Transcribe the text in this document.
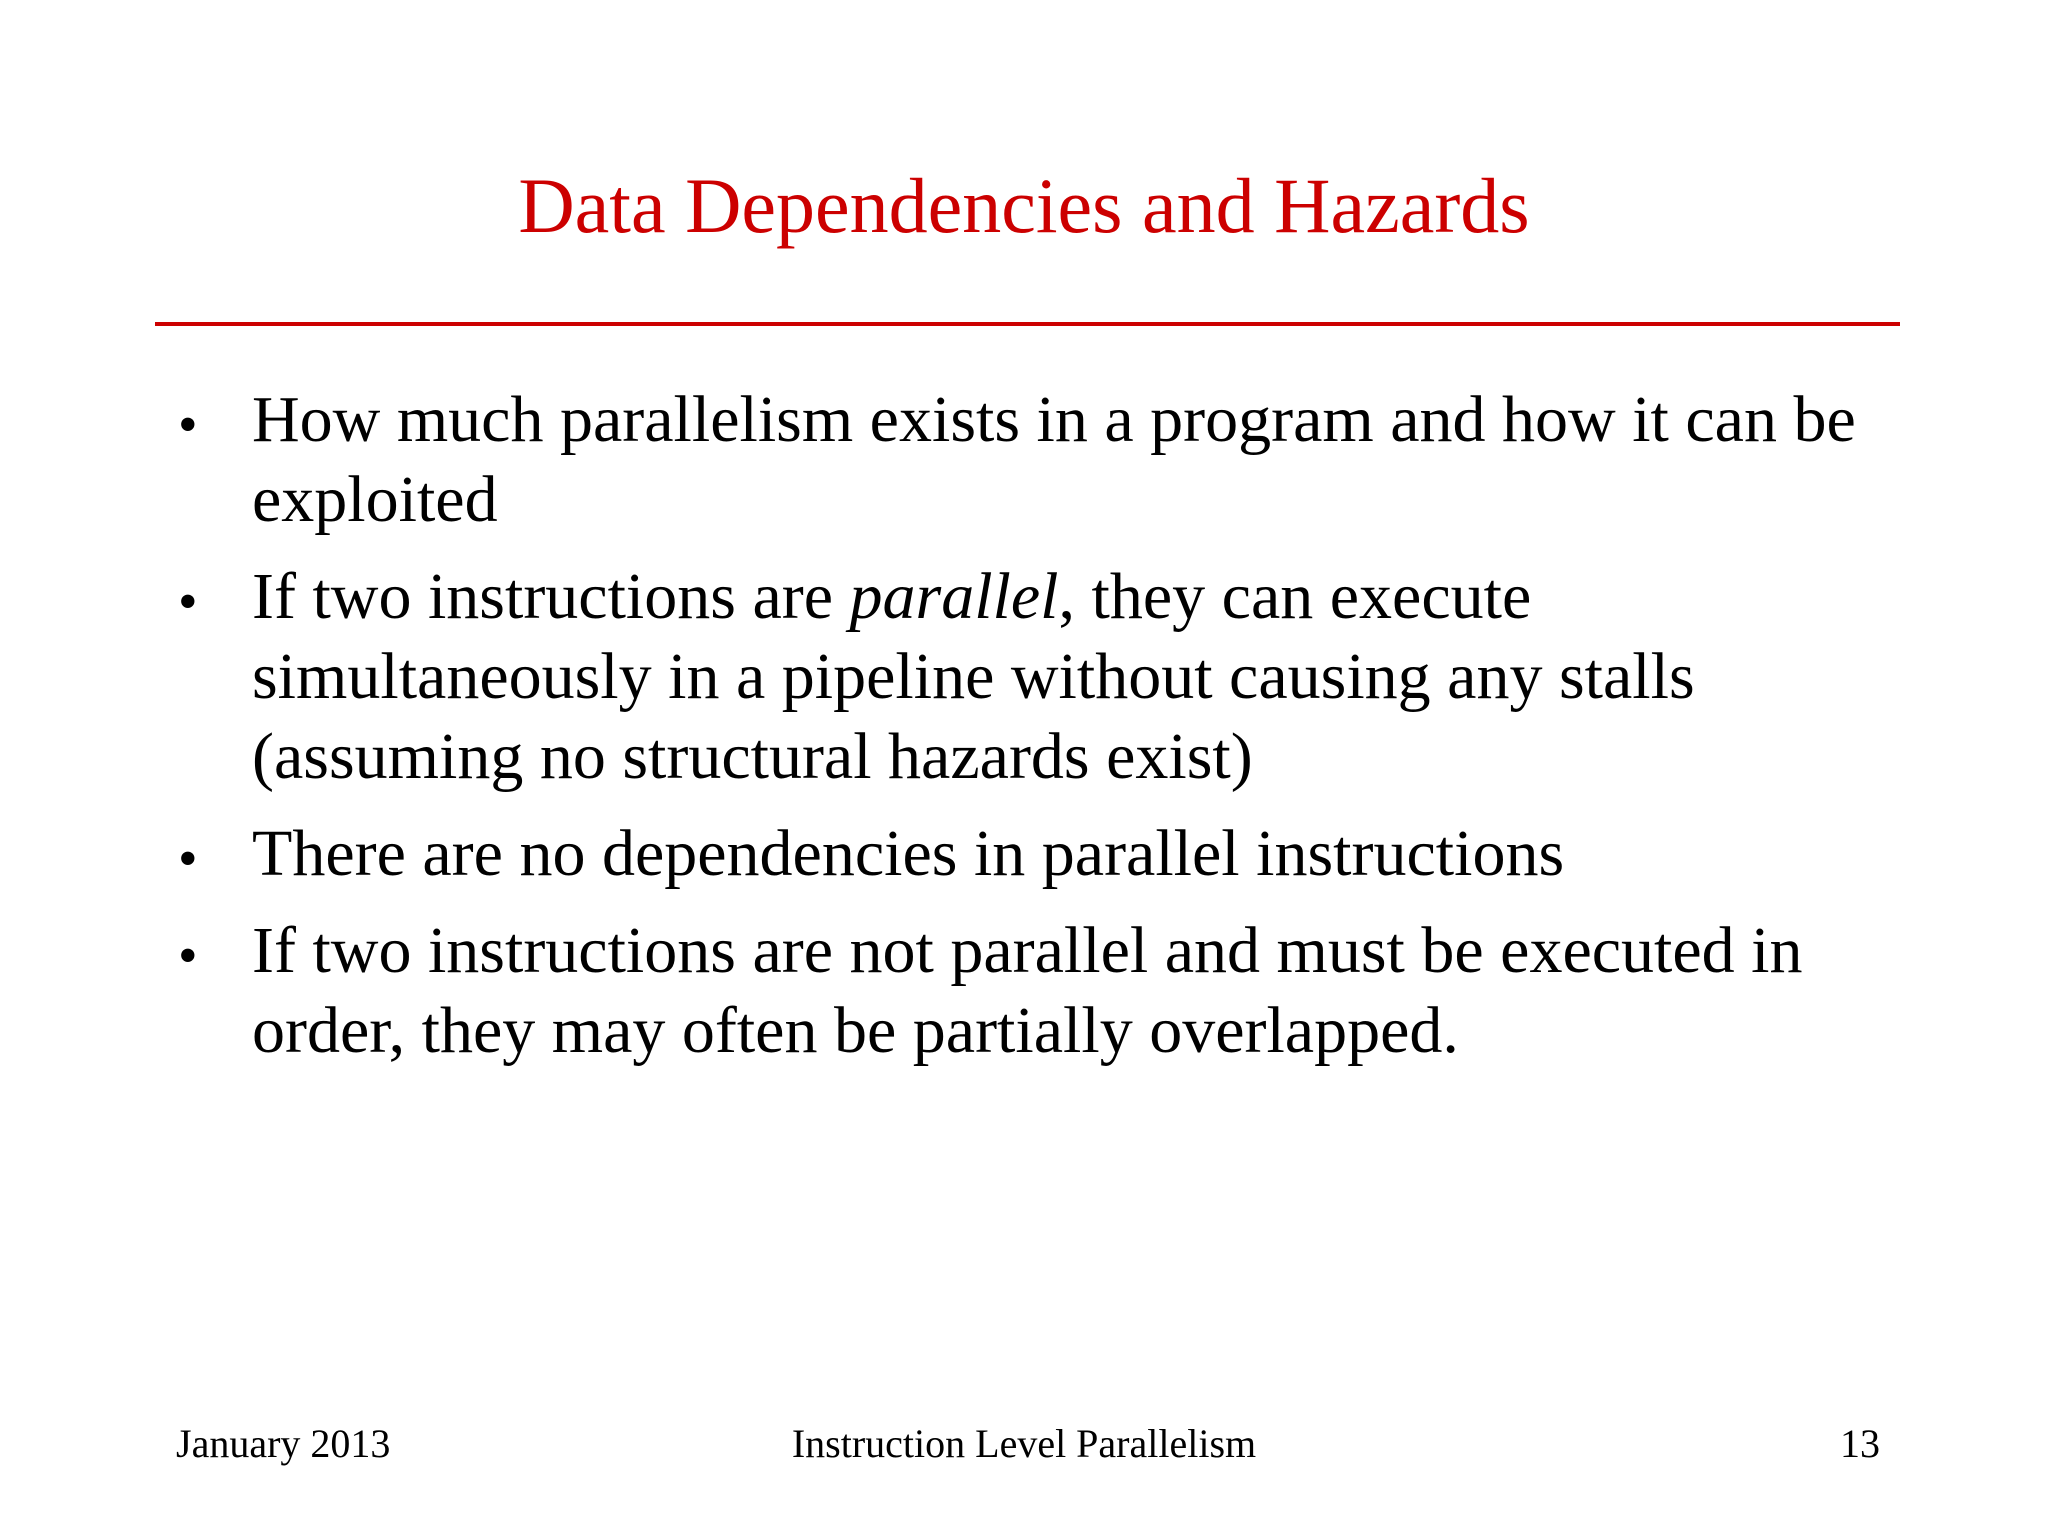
Data Dependencies and Hazards
• How much parallelism exists in a program and how it can be exploited
• If two instructions are parallel, they can execute simultaneously in a pipeline without causing any stalls (assuming no structural hazards exist)
• There are no dependencies in parallel instructions
• If two instructions are not parallel and must be executed in order, they may often be partially overlapped.
Instruction Level Parallelism
January 2013	13
